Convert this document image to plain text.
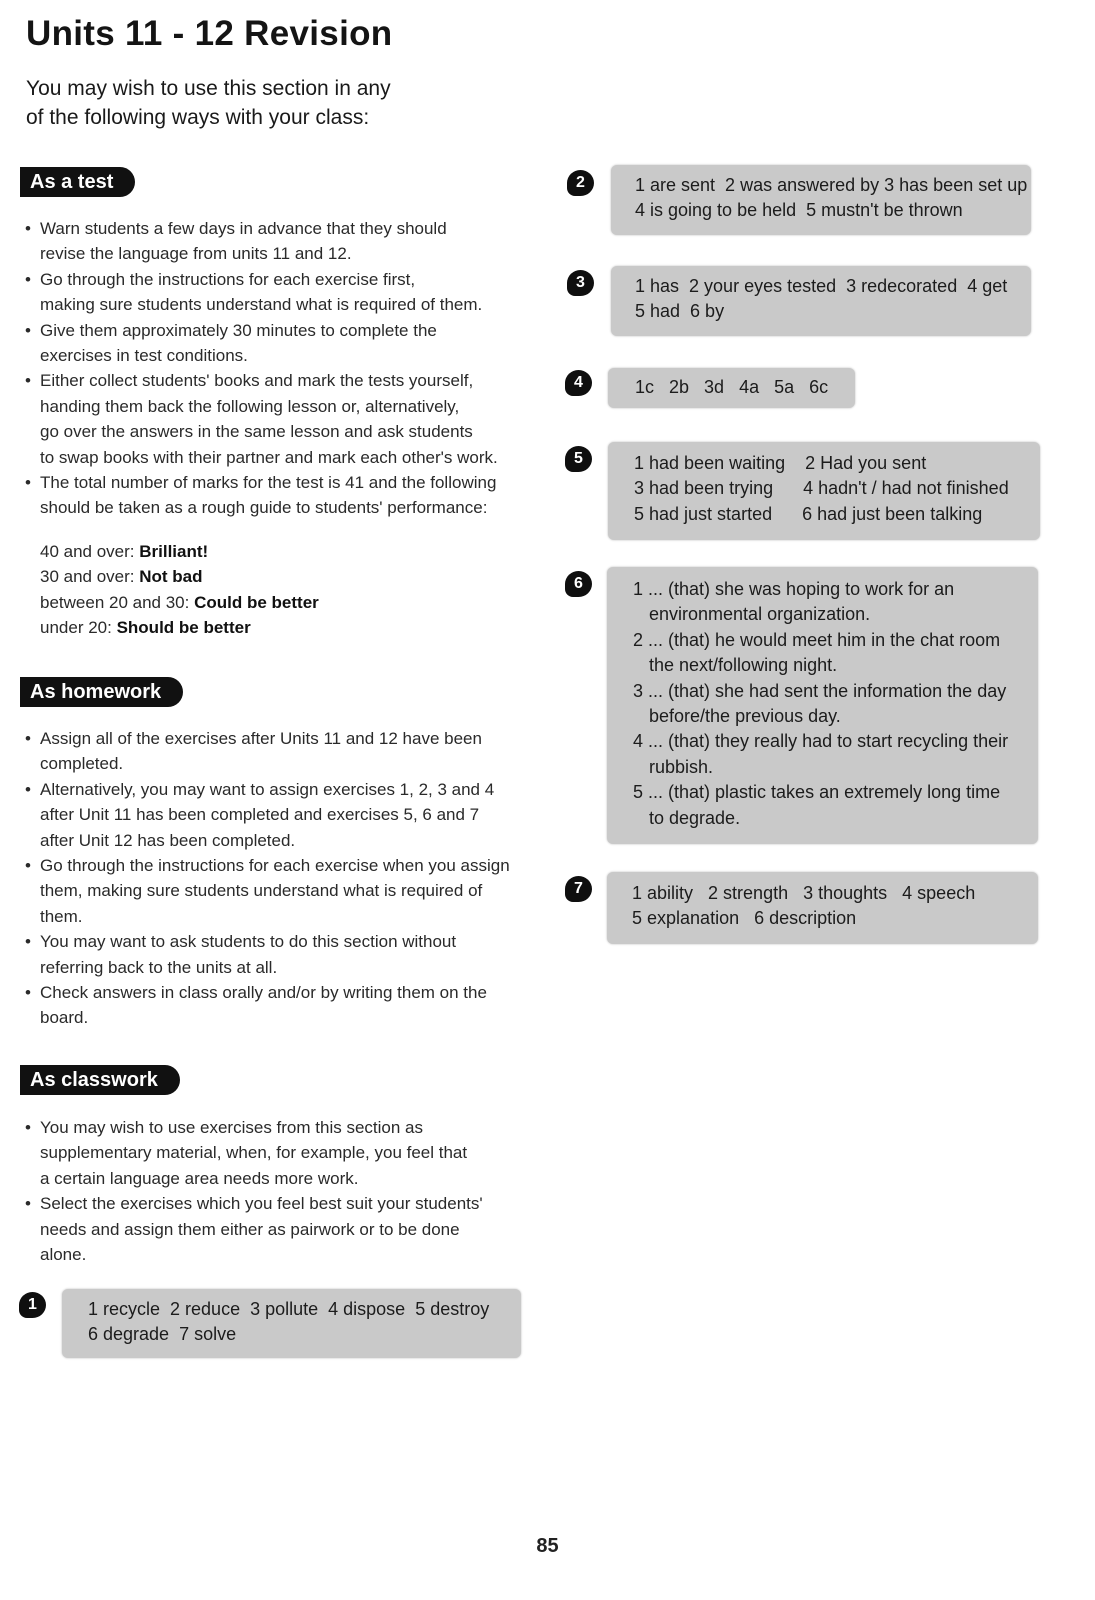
Units 11 - 12 Revision
You may wish to use this section in any
of the following ways with your class:
As a test
• Warn students a few days in advance that they should
revise the language from units 11 and 12.
• Go through the instructions for each exercise first,
making sure students understand what is required of them.
• Give them approximately 30 minutes to complete the
exercises in test conditions.
• Either collect students' books and mark the tests yourself,
handing them back the following lesson or, alternatively,
go over the answers in the same lesson and ask students
to swap books with their partner and mark each other's work.
• The total number of marks for the test is 41 and the following
should be taken as a rough guide to students' performance:
40 and over: Brilliant!
30 and over: Not bad
between 20 and 30: Could be better
under 20: Should be better
As homework
• Assign all of the exercises after Units 11 and 12 have been
completed.
• Alternatively, you may want to assign exercises 1, 2, 3 and 4
after Unit 11 has been completed and exercises 5, 6 and 7
after Unit 12 has been completed.
• Go through the instructions for each exercise when you assign
them, making sure students understand what is required of
them.
• You may want to ask students to do this section without
referring back to the units at all.
• Check answers in class orally and/or by writing them on the
board.
As classwork
• You may wish to use exercises from this section as
supplementary material, when, for example, you feel that
a certain language area needs more work.
• Select the exercises which you feel best suit your students'
needs and assign them either as pairwork or to be done
alone.
1	1 recycle  2 reduce  3 pollute  4 dispose  5 destroy
6 degrade  7 solve
2	1 are sent  2 was answered by 3 has been set up
4 is going to be held  5 mustn't be thrown
3	1 has  2 your eyes tested  3 redecorated  4 get
5 had  6 by
4	1c   2b   3d   4a   5a   6c
5	1 had been waiting    2 Had you sent
3 had been trying      4 hadn't / had not finished
5 had just started      6 had just been talking
6	1 ... (that) she was hoping to work for an
environmental organization.
2 ... (that) he would meet him in the chat room
the next/following night.
3 ... (that) she had sent the information the day
before/the previous day.
4 ... (that) they really had to start recycling their
rubbish.
5 ... (that) plastic takes an extremely long time
to degrade.
7	1 ability   2 strength   3 thoughts   4 speech
5 explanation   6 description
85
